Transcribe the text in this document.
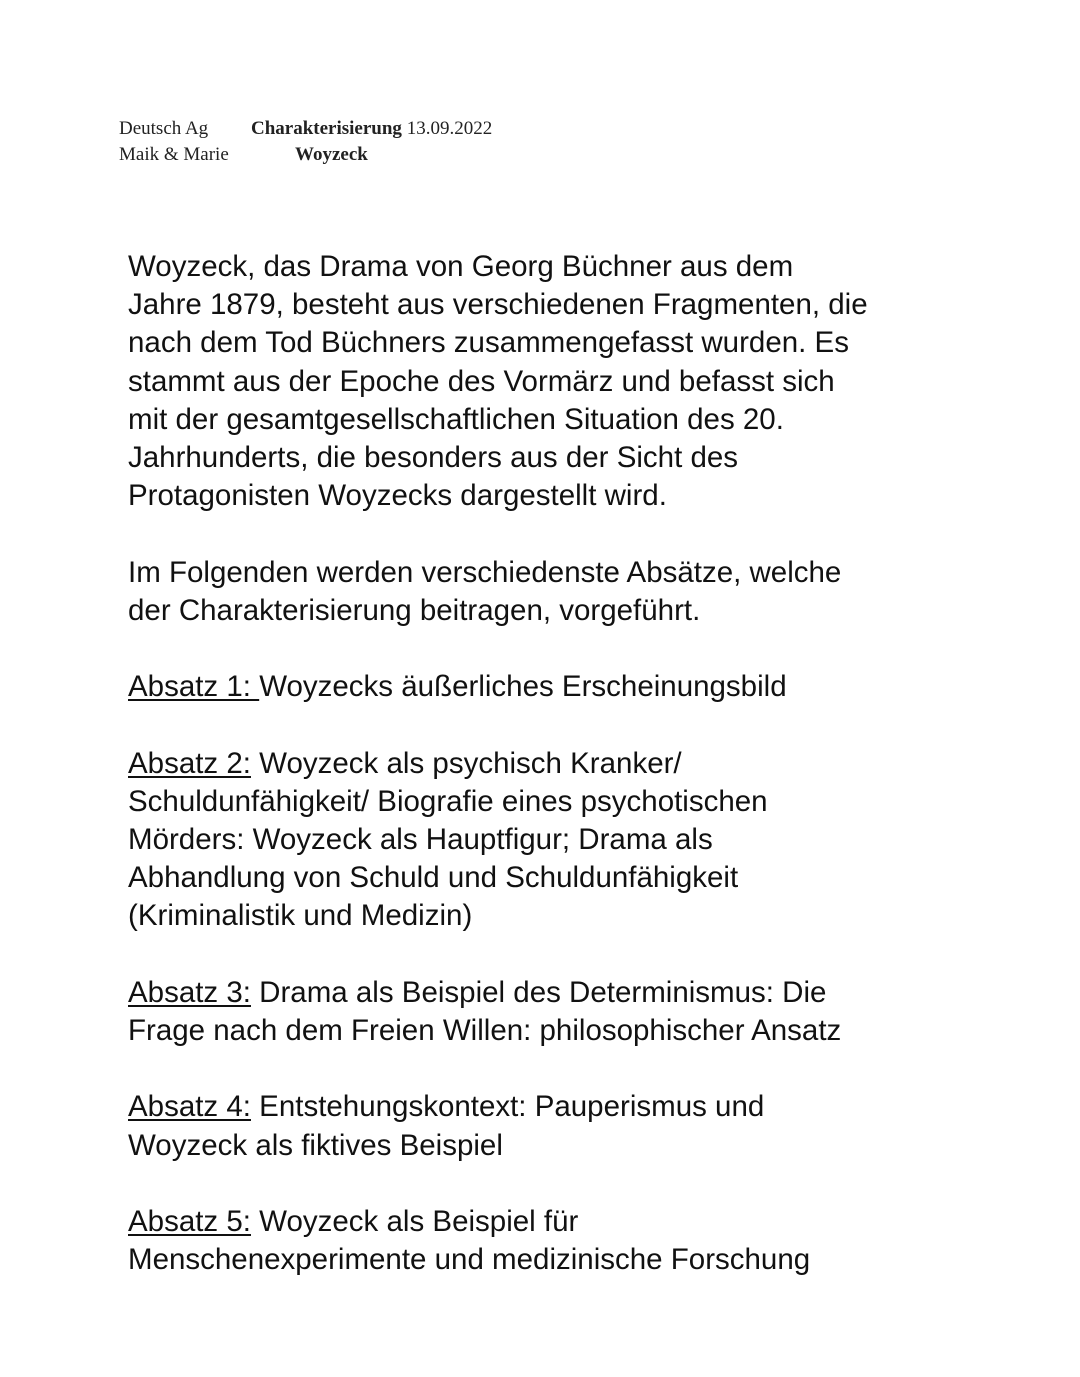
Deutsch Ag Charakterisierung 13.09.2022
Maik & Marie	Woyzeck

Woyzeck, das Drama von Georg Büchner aus dem
Jahre 1879, besteht aus verschiedenen Fragmenten, die
nach dem Tod Büchners zusammengefasst wurden. Es
stammt aus der Epoche des Vormärz und befasst sich
mit der gesamtgesellschaftlichen Situation des 20.
Jahrhunderts, die besonders aus der Sicht des
Protagonisten Woyzecks dargestellt wird.

Im Folgenden werden verschiedenste Absätze, welche
der Charakterisierung beitragen, vorgeführt.

Absatz 1: Woyzecks äußerliches Erscheinungsbild

Absatz 2: Woyzeck als psychisch Kranker/
Schuldunfähigkeit/ Biografie eines psychotischen
Mörders: Woyzeck als Hauptfigur; Drama als
Abhandlung von Schuld und Schuldunfähigkeit
(Kriminalistik und Medizin)

Absatz 3: Drama als Beispiel des Determinismus: Die
Frage nach dem Freien Willen: philosophischer Ansatz

Absatz 4: Entstehungskontext: Pauperismus und
Woyzeck als fiktives Beispiel

Absatz 5: Woyzeck als Beispiel für
Menschenexperimente und medizinische Forschung
